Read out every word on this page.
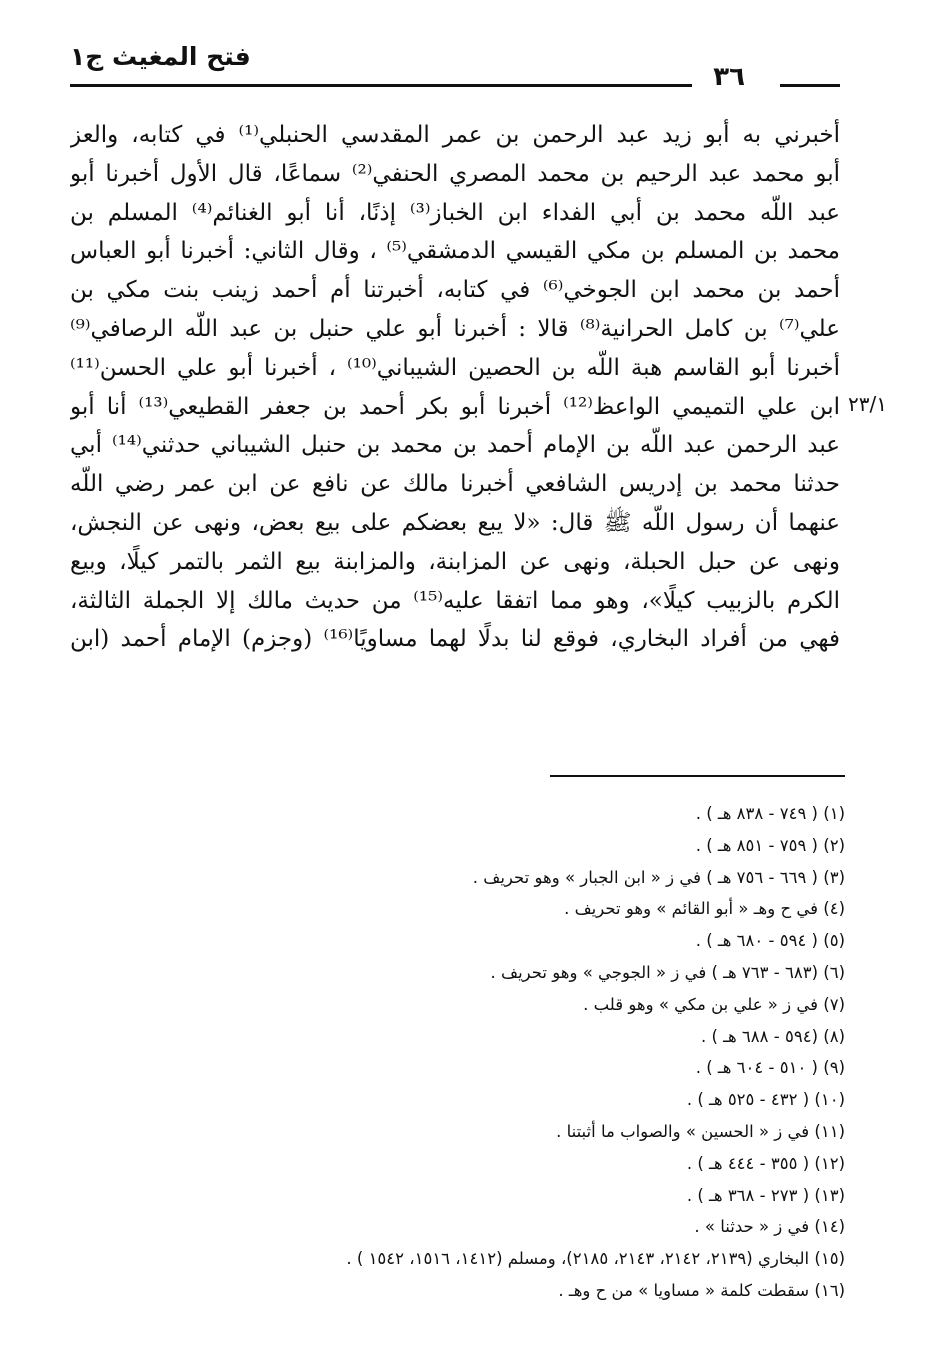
فتح المغيث ج١
٣٦
٢٣/١
أخبرني به أبو زيد عبد الرحمن بن عمر المقدسي الحنبلي⁽¹⁾ في كتابه، والعز
أبو محمد عبد الرحيم بن محمد المصري الحنفي⁽²⁾ سماعًا، قال الأول أخبرنا أبو
عبد اللّه محمد بن أبي الفداء ابن الخباز⁽³⁾ إذنًا، أنا أبو الغنائم⁽⁴⁾ المسلم بن
محمد بن المسلم بن مكي القيسي الدمشقي⁽⁵⁾ ، وقال الثاني: أخبرنا أبو العباس
أحمد بن محمد ابن الجوخي⁽⁶⁾ في كتابه، أخبرتنا أم أحمد زينب بنت مكي بن
علي⁽⁷⁾ بن كامل الحرانية⁽⁸⁾ قالا : أخبرنا أبو علي حنبل بن عبد اللّه الرصافي⁽⁹⁾
أخبرنا أبو القاسم هبة اللّه بن الحصين الشيباني⁽¹⁰⁾ ، أخبرنا أبو علي الحسن⁽¹¹⁾
ابن علي التميمي الواعظ⁽¹²⁾ أخبرنا أبو بكر أحمد بن جعفر القطيعي⁽¹³⁾ أنا أبو
عبد الرحمن عبد اللّه بن الإمام أحمد بن محمد بن حنبل الشيباني حدثني⁽¹⁴⁾ أبي
حدثنا محمد بن إدريس الشافعي أخبرنا مالك عن نافع عن ابن عمر رضي اللّه
عنهما أن رسول اللّه ﷺ قال: «لا يبع بعضكم على بيع بعض، ونهى عن النجش،
ونهى عن حبل الحبلة، ونهى عن المزابنة، والمزابنة بيع الثمر بالتمر كيلًا، وبيع
الكرم بالزبيب كيلًا»، وهو مما اتفقا عليه⁽¹⁵⁾ من حديث مالك إلا الجملة الثالثة،
فهي من أفراد البخاري، فوقع لنا بدلًا لهما مساويًا⁽¹⁶⁾ (وجزم) الإمام أحمد (ابن
(١) ( ٧٤٩ - ٨٣٨ هـ ) .
(٢) ( ٧٥٩ - ٨٥١ هـ ) .
(٣) ( ٦٦٩ - ٧٥٦ هـ ) في ز « ابن الجبار » وهو تحريف .
(٤) في ح وهـ « أبو القائم » وهو تحريف .
(٥) ( ٥٩٤ - ٦٨٠ هـ ) .
(٦) (٦٨٣ - ٧٦٣ هـ ) في ز « الجوجي » وهو تحريف .
(٧) في ز « علي بن مكي » وهو قلب .
(٨) (٥٩٤ - ٦٨٨ هـ ) .
(٩) ( ٥١٠ - ٦٠٤ هـ ) .
(١٠) ( ٤٣٢ - ٥٢٥ هـ ) .
(١١) في ز « الحسين » والصواب ما أثبتنا .
(١٢) ( ٣٥٥ - ٤٤٤ هـ ) .
(١٣) ( ٢٧٣ - ٣٦٨ هـ ) .
(١٤) في ز « حدثنا » .
(١٥) البخاري (٢١٣٩، ٢١٤٢، ٢١٤٣، ٢١٨٥)، ومسلم (١٤١٢، ١٥١٦، ١٥٤٢ ) .
(١٦) سقطت كلمة « مساويا » من ح وهـ .
